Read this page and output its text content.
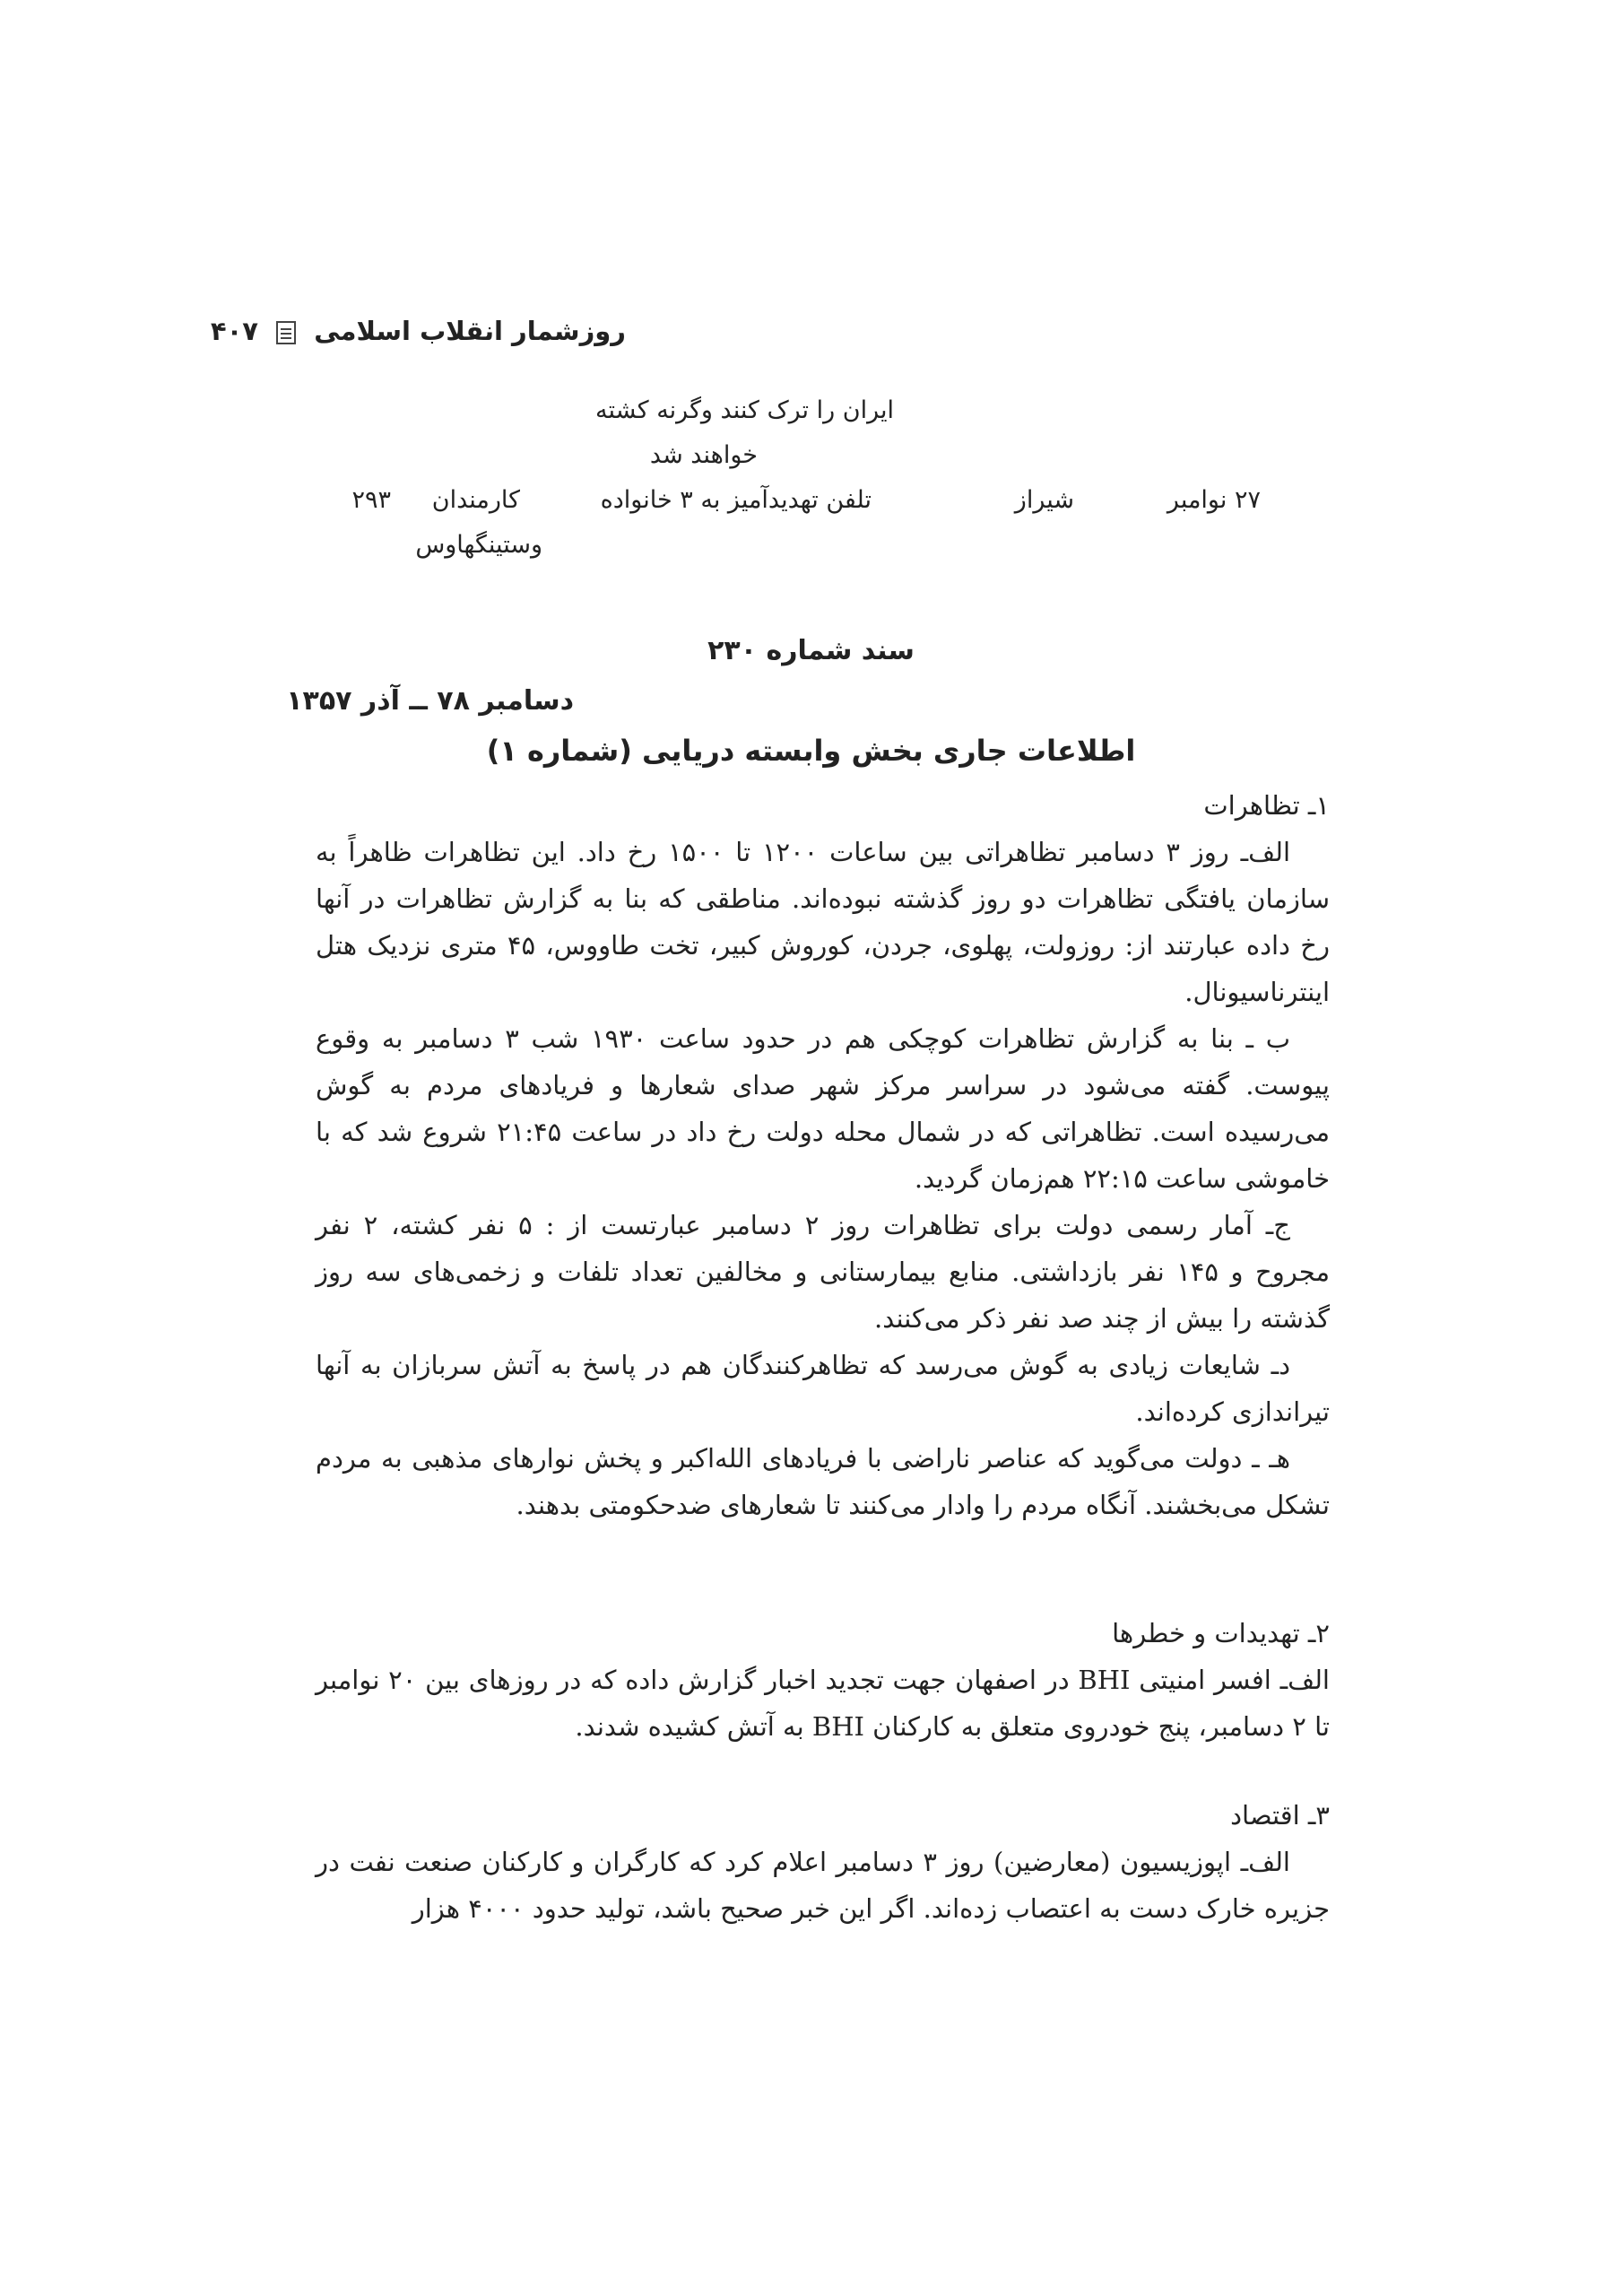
روزشمار انقلاب اسلامی  ۴۰۷
ایران را ترک کنند وگرنه کشته
خواهند شد
۲۷ نوامبر
شیراز
تلفن تهدیدآمیز به ۳ خانواده
کارمندان
۲۹۳
وستینگهاوس
سند شماره ۲۳۰
دسامبر ۷۸ ــ آذر ۱۳۵۷
اطلاعات جاری بخش وابسته دریایی (شماره ۱)

۱ـ تظاهرات

الف‌ـ روز ۳ دسامبر تظاهراتی بین ساعات ۱۲۰۰ تا ۱۵۰۰ رخ داد. این تظاهرات ظاهراً به سازمان یافتگی تظاهرات دو روز گذشته نبوده‌اند. مناطقی که بنا به گزارش تظاهرات در آنها رخ داده عبارتند از: روزولت، پهلوی، جردن، کوروش کبیر، تخت طاووس، ۴۵ متری نزدیک هتل اینترناسیونال.

ب ـ بنا به گزارش تظاهرات کوچکی هم در حدود ساعت ۱۹۳۰ شب ۳ دسامبر به وقوع پیوست. گفته می‌شود در سراسر مرکز شهر صدای شعارها و فریادهای مردم به گوش می‌رسیده است. تظاهراتی که در شمال محله دولت رخ داد در ساعت ۲۱:۴۵ شروع شد که با خاموشی ساعت ۲۲:۱۵ هم‌زمان گردید.

ج‌ـ آمار رسمی دولت برای تظاهرات روز ۲ دسامبر عبارتست از : ۵ نفر کشته، ۲ نفر مجروح و ۱۴۵ نفر بازداشتی. منابع بیمارستانی و مخالفین تعداد تلفات و زخمی‌های سه روز گذشته را بیش از چند صد نفر ذکر می‌کنند.

دـ شایعات زیادی به گوش می‌رسد که تظاهرکنندگان هم در پاسخ به آتش سربازان به آنها تیراندازی کرده‌اند.

هـ ـ دولت می‌گوید که عناصر ناراضی با فریادهای الله‌اکبر و پخش نوارهای مذهبی به مردم تشکل می‌بخشند. آنگاه مردم را وادار می‌کنند تا شعارهای ضدحکومتی بدهند.

۲ـ تهدیدات و خطرها

الف‌ـ افسر امنیتی BHI در اصفهان جهت تجدید اخبار گزارش داده که در روزهای بین ۲۰ نوامبر تا ۲ دسامبر، پنج خودروی متعلق به کارکنان BHI به آتش کشیده شدند.

۳ـ اقتصاد

الف‌ـ اپوزیسیون (معارضین) روز ۳ دسامبر اعلام کرد که کارگران و کارکنان صنعت نفت در جزیره خارک دست به اعتصاب زده‌اند. اگر این خبر صحیح باشد، تولید حدود ۴۰۰۰ هزار
